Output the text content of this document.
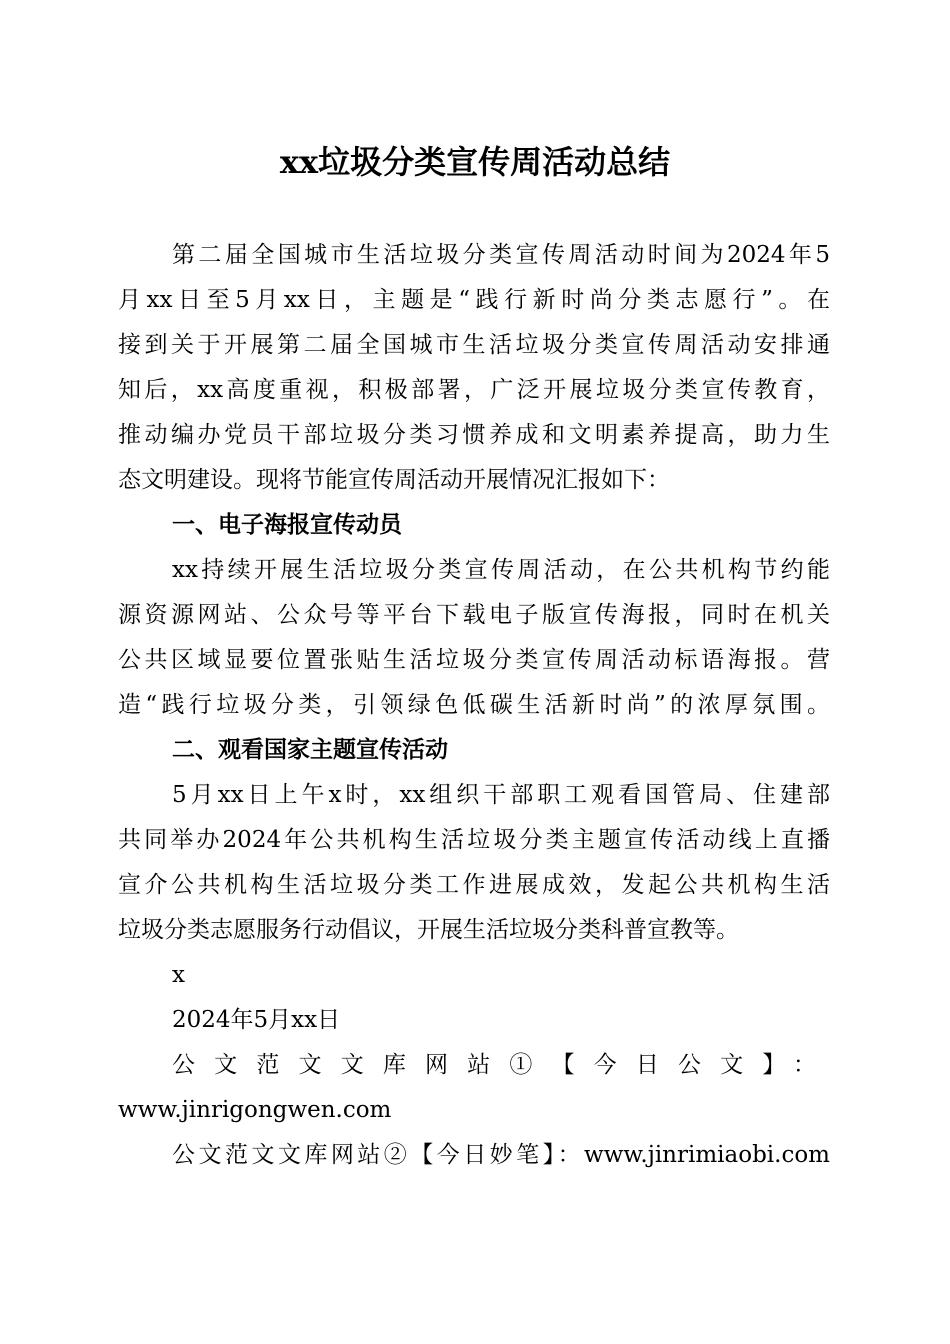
xx垃圾分类宣传周活动总结
第二届全国城市生活垃圾分类宣传周活动时间为2024年5
月xx日至5月xx日，主题是“践行新时尚分类志愿行”。在
接到关于开展第二届全国城市生活垃圾分类宣传周活动安排通
知后，xx高度重视，积极部署，广泛开展垃圾分类宣传教育，
推动编办党员干部垃圾分类习惯养成和文明素养提高，助力生
态文明建设。现将节能宣传周活动开展情况汇报如下：
一、电子海报宣传动员
xx持续开展生活垃圾分类宣传周活动，在公共机构节约能
源资源网站、公众号等平台下载电子版宣传海报，同时在机关
公共区域显要位置张贴生活垃圾分类宣传周活动标语海报。营
造“践行垃圾分类，引领绿色低碳生活新时尚”的浓厚氛围。
二、观看国家主题宣传活动
5月xx日上午x时，xx组织干部职工观看国管局、住建部
共同举办2024年公共机构生活垃圾分类主题宣传活动线上直播
宣介公共机构生活垃圾分类工作进展成效，发起公共机构生活
垃圾分类志愿服务行动倡议，开展生活垃圾分类科普宣教等。
x
2024年5月xx日
公文范文文库网站①【今日公文】：
www.jinrigongwen.com
公文范文文库网站②【今日妙笔】：www.jinrimiaobi.com
